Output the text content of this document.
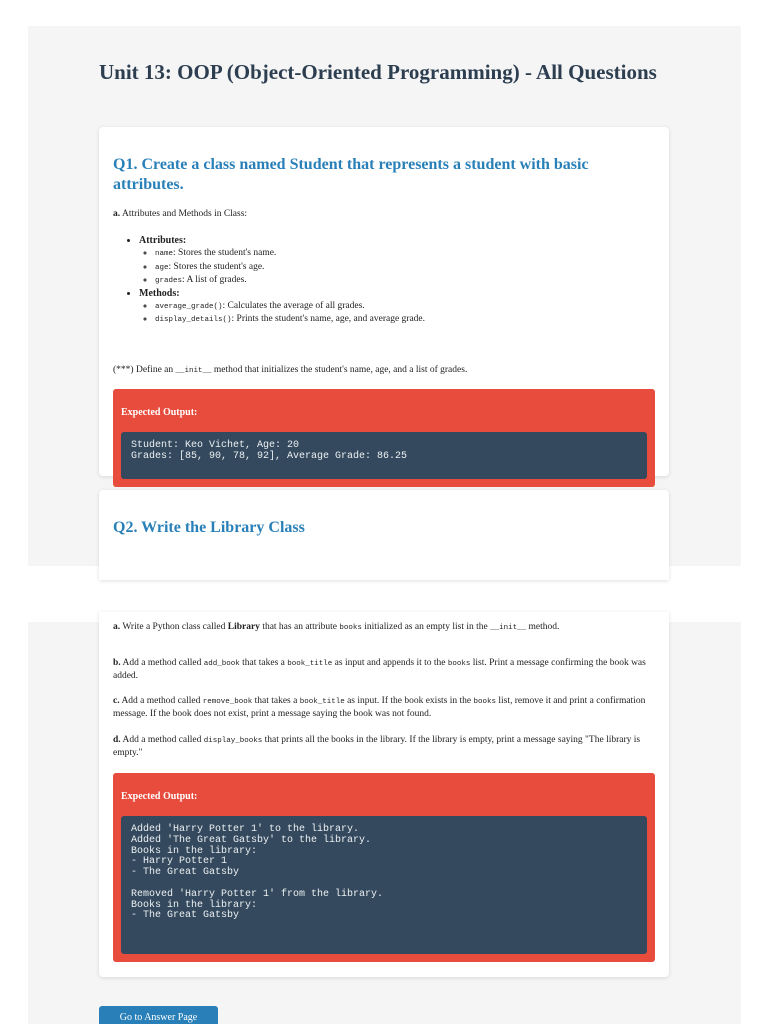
Unit 13: OOP (Object-Oriented Programming) - All Questions
Q1. Create a class named Student that represents a student with basic attributes.

a. Attributes and Methods in Class:

• Attributes:
◦ name: Stores the student's name.
◦ age: Stores the student's age.
◦ grades: A list of grades.
• Methods:
◦ average_grade(): Calculates the average of all grades.
◦ display_details(): Prints the student's name, age, and average grade.

(***) Define an __init__ method that initializes the student's name, age, and a list of grades.

Expected Output:
Student: Keo Vichet, Age: 20
Grades: [85, 90, 78, 92], Average Grade: 86.25
Q2. Write the Library Class

a. Write a Python class called Library that has an attribute books initialized as an empty list in the __init__ method.

b. Add a method called add_book that takes a book_title as input and appends it to the books list. Print a message confirming the book was added.

c. Add a method called remove_book that takes a book_title as input. If the book exists in the books list, remove it and print a confirmation message. If the book does not exist, print a message saying the book was not found.

d. Add a method called display_books that prints all the books in the library. If the library is empty, print a message saying "The library is empty."

Expected Output:
Added 'Harry Potter 1' to the library.
Added 'The Great Gatsby' to the library.
Books in the library:
- Harry Potter 1
- The Great Gatsby

Removed 'Harry Potter 1' from the library.
Books in the library:
- The Great Gatsby
Go to Answer Page
